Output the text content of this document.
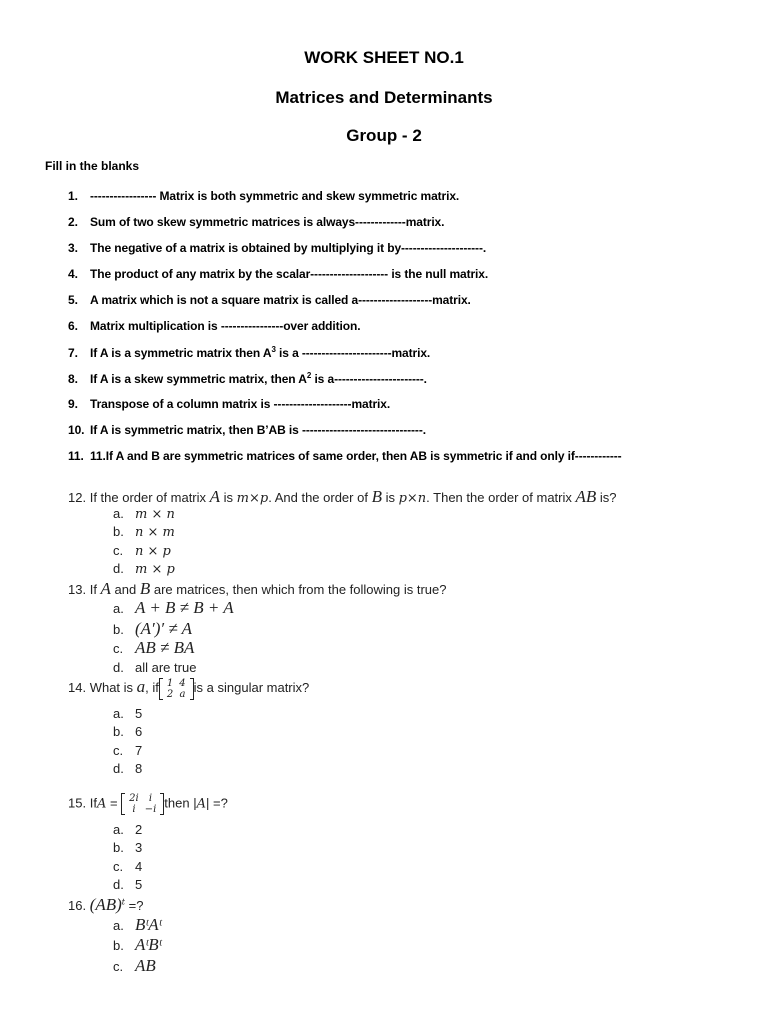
WORK SHEET NO.1
Matrices and Determinants
Group - 2
Fill in the blanks
1. ----------------- Matrix is both symmetric and skew symmetric matrix.
2. Sum of two skew symmetric matrices is always-------------matrix.
3. The negative of a matrix is obtained by multiplying it by---------------------.
4. The product of any matrix by the scalar-------------------- is the null matrix.
5. A matrix which is not a square matrix is called a-------------------matrix.
6. Matrix multiplication is ----------------over addition.
7. If A is a symmetric matrix then $A^3$ is a -----------------------matrix.
8. If A is a skew symmetric matrix, then $A^2$ is a-----------------------.
9. Transpose of a column matrix is --------------------matrix.
10. If A is symmetric matrix, then B’AB is -------------------------------.
11. 11.If A and B are symmetric matrices of same order, then AB is symmetric if and only if------------
12. If the order of matrix A is m×p. And the order of B is p×n. Then the order of matrix AB is?
a. m × n
b. n × m
c. n × p
d. m × p
13. If A and B are matrices, then which from the following is true?
a. A + B ≠ B + A
b. (A′)′ ≠ A
c. AB ≠ BA
d. all are true
14. What is a, if 1	4
2	a is a singular matrix?
a. 5
b. 6
c. 7
d. 8
15. IfA = 2i	i
i	−i then |A| =?
a. 2
b. 3
c. 4
d. 5
16. (AB)$^t$ =?
a. BᵗAᵗ
b. AᵗBᵗ
c. AB
